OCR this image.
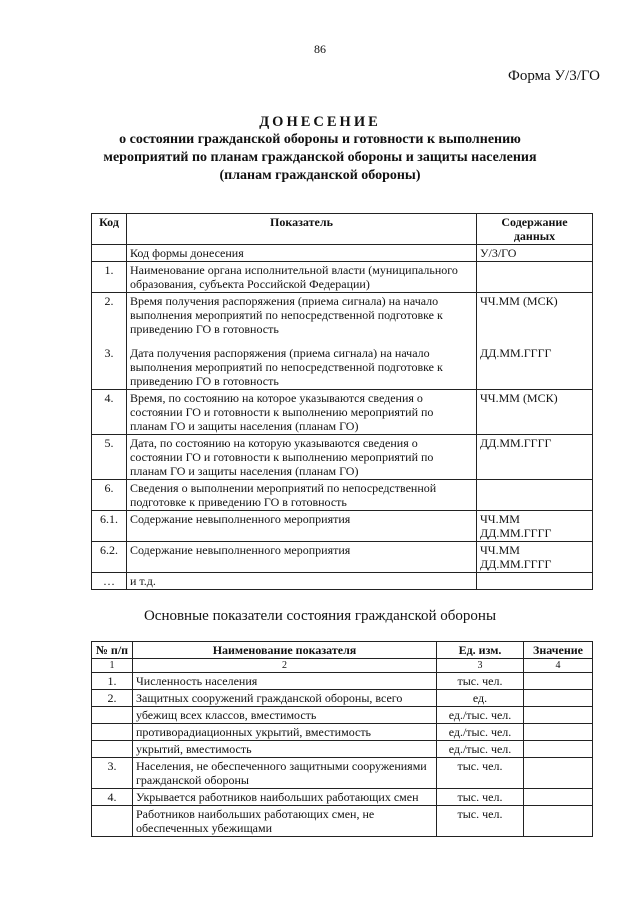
86
Форма У/3/ГО
ДОНЕСЕНИЕ
о состоянии гражданской обороны и готовности к выполнению
мероприятий по планам гражданской обороны и защиты населения
(планам гражданской обороны)
Код	Показатель	Содержание данных
	Код формы донесения	У/3/ГО
1.	Наименование органа исполнительной власти (муниципального образования, субъекта Российской Федерации)	
2.	Время получения распоряжения (приема сигнала) на начало выполнения мероприятий по непосредственной подготовке к приведению ГО в готовность	ЧЧ.ММ (МСК)

3.	Дата получения распоряжения (приема сигнала) на начало выполнения мероприятий по непосредственной подготовке к приведению ГО в готовность	ДД.ММ.ГГГГ
4.	Время, по состоянию на которое указываются сведения о состоянии ГО и готовности к выполнению мероприятий по планам ГО и защиты населения (планам ГО)	ЧЧ.ММ (МСК)
5.	Дата, по состоянию на которую указываются сведения о состоянии ГО и готовности к выполнению мероприятий по планам ГО и защиты населения (планам ГО)	ДД.ММ.ГГГГ
6.	Сведения о выполнении мероприятий по непосредственной подготовке к приведению ГО в готовность	
6.1.	Содержание невыполненного мероприятия	ЧЧ.ММ
ДД.ММ.ГГГГ

6.2.	Содержание невыполненного мероприятия	ЧЧ.ММ
ДД.ММ.ГГГГ

…	и т.д.	
Основные показатели состояния гражданской обороны
№ п/п	Наименование показателя	Ед. изм.	Значение
1	2	3	4
1.	Численность населения	тыс. чел.	
2.	Защитных сооружений гражданской обороны, всего	ед.	
	убежищ всех классов, вместимость	ед./тыс. чел.	
	противорадиационных укрытий, вместимость	ед./тыс. чел.	
	укрытий, вместимость	ед./тыс. чел.	
3.	Населения, не обеспеченного защитными сооружениями гражданской обороны	тыс. чел.	
4.	Укрывается работников наибольших работающих смен	тыс. чел.	
	Работников наибольших работающих смен, не обеспеченных убежищами	тыс. чел.	
